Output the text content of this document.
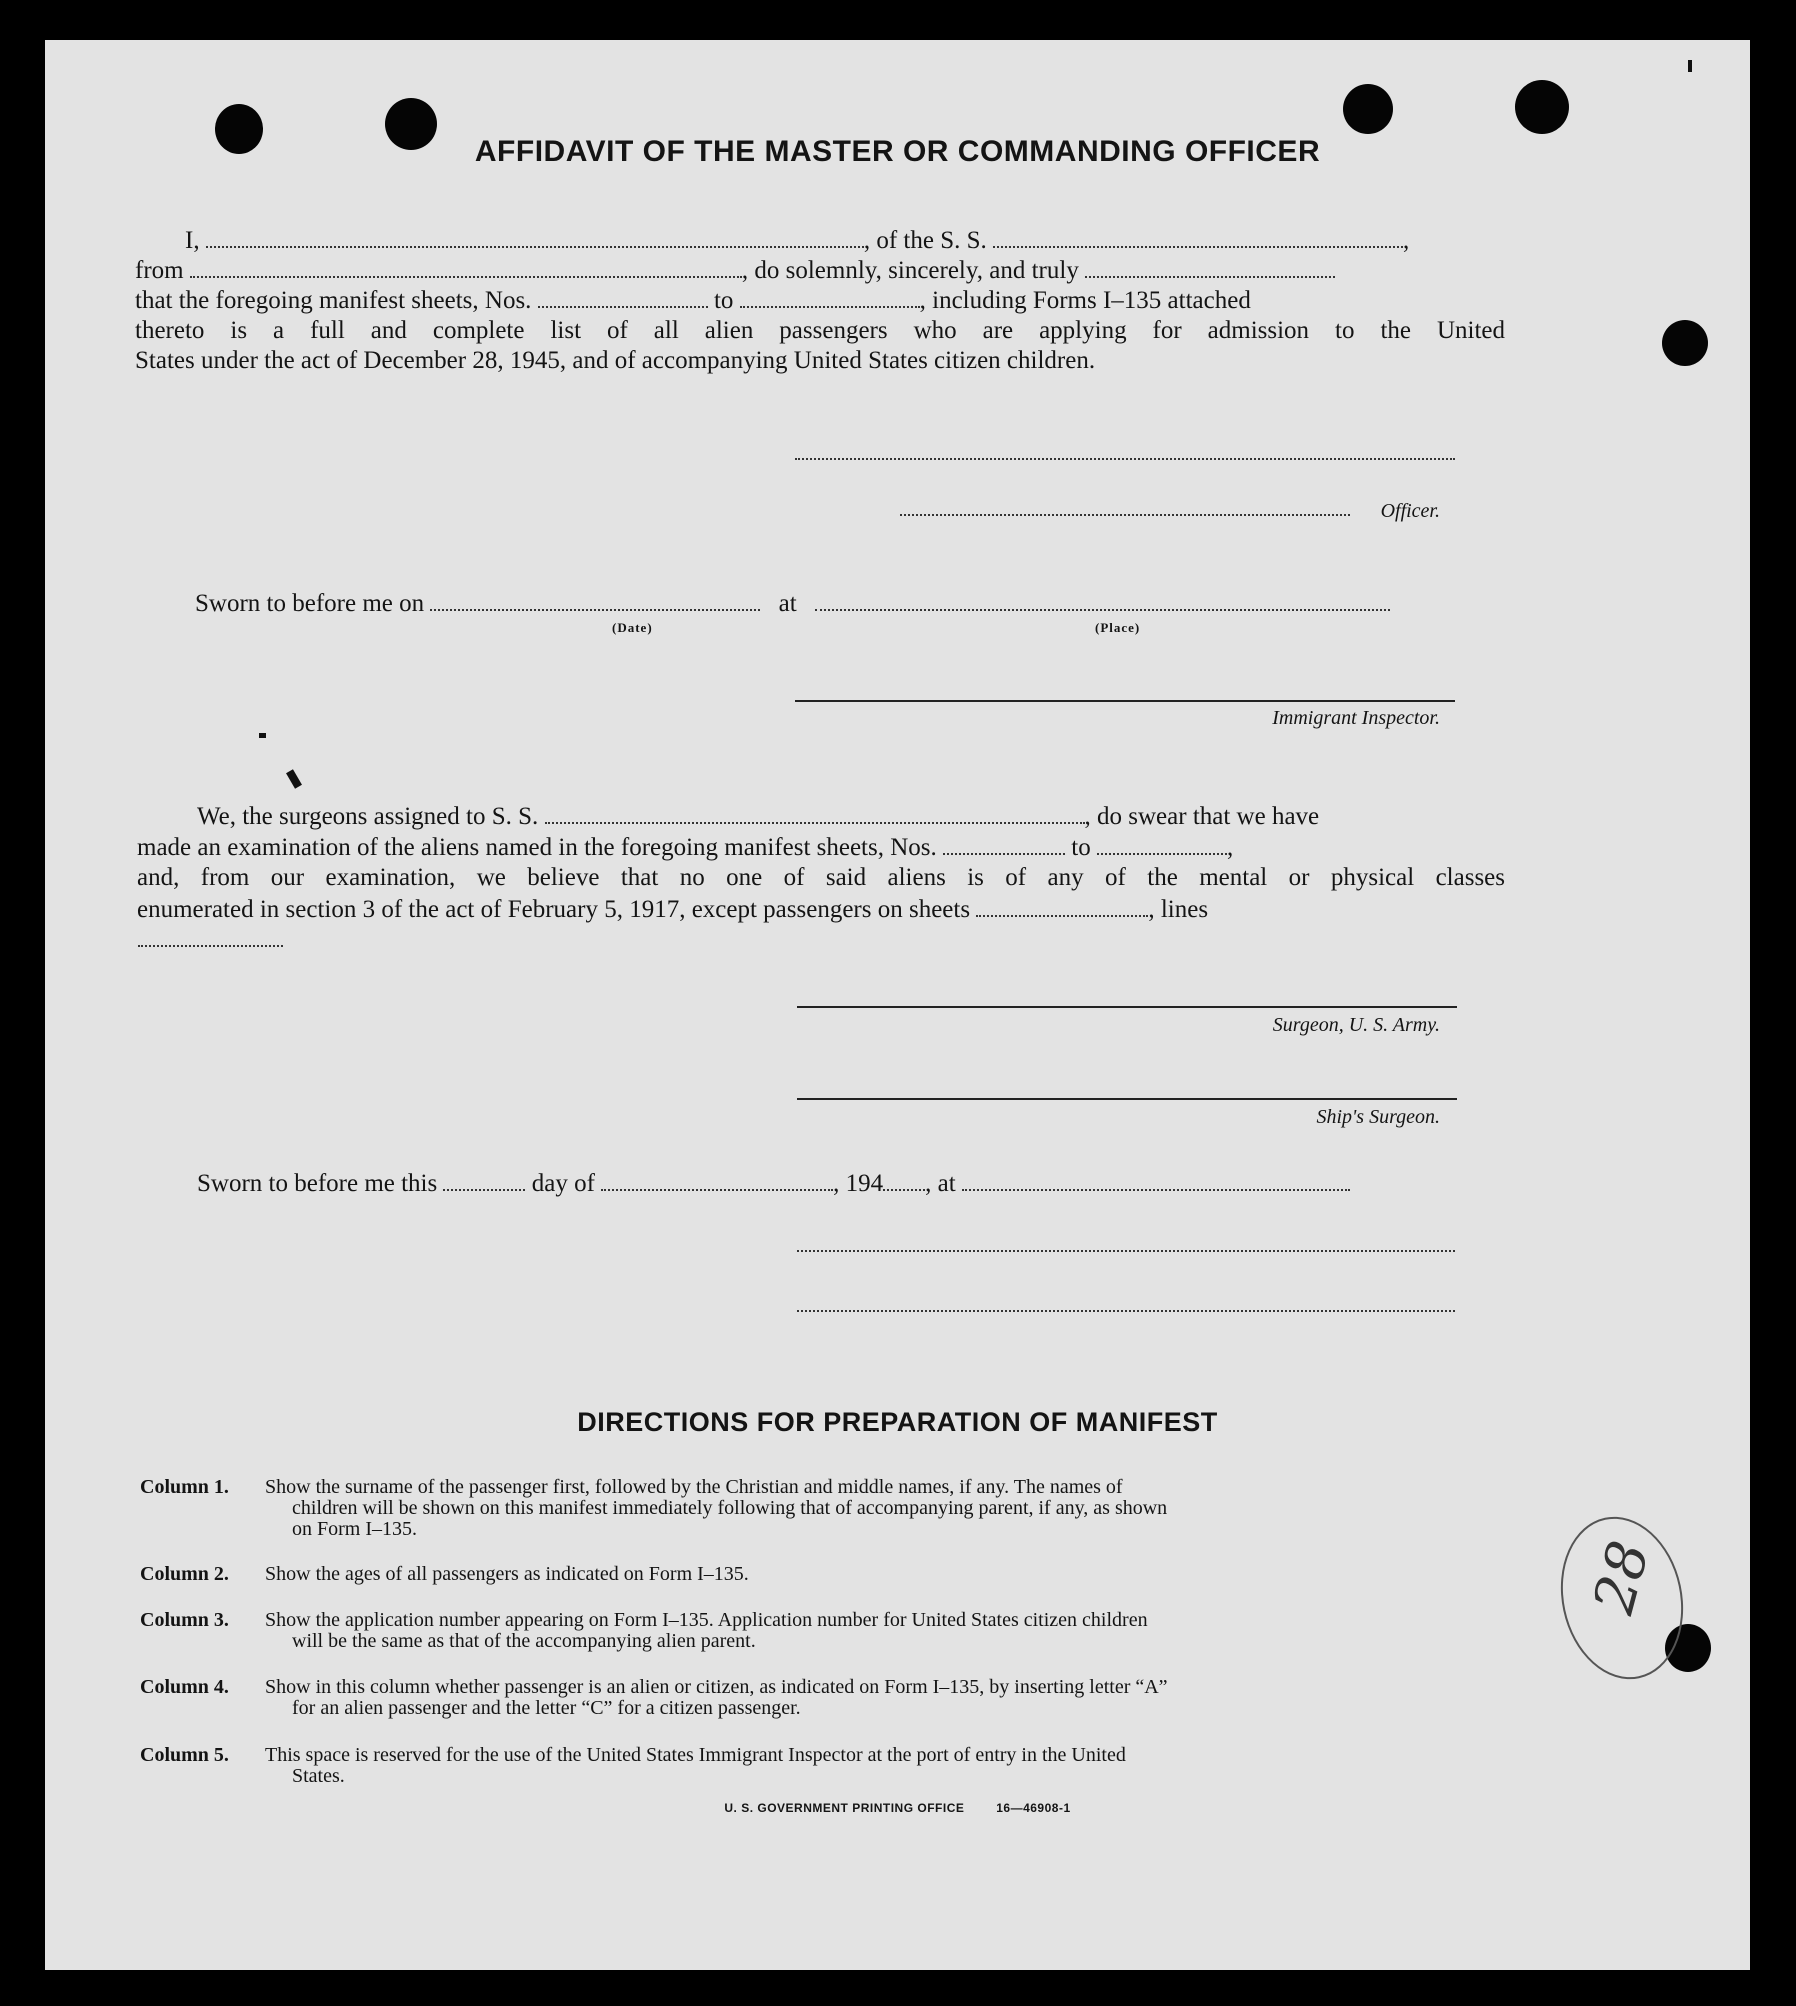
AFFIDAVIT OF THE MASTER OR COMMANDING OFFICER
I,	, of the S. S.	,
from	, do solemnly, sincerely, and truly
that the foregoing manifest sheets, Nos.	to	, including Forms I–135 attached
thereto is a full and complete list of all alien passengers who are applying for admission to the United
States under the act of December 28, 1945, and of accompanying United States citizen children.
Officer.
Sworn to before me on	at
(Date)	(Place)
Immigrant Inspector.
We, the surgeons assigned to S. S.	, do swear that we have
made an examination of the aliens named in the foregoing manifest sheets, Nos.	to	,
and, from our examination, we believe that no one of said aliens is of any of the mental or physical classes
enumerated in section 3 of the act of February 5, 1917, except passengers on sheets	, lines
Surgeon, U. S. Army.
Ship's Surgeon.
Sworn to before me this	day of	, 194 , at
DIRECTIONS FOR PREPARATION OF MANIFEST
Column 1.	Show the surname of the passenger first, followed by the Christian and middle names, if any. The names of
children will be shown on this manifest immediately following that of accompanying parent, if any, as shown
on Form I–135.
Column 2.	Show the ages of all passengers as indicated on Form I–135.
Column 3.	Show the application number appearing on Form I–135. Application number for United States citizen children
will be the same as that of the accompanying alien parent.
Column 4.	Show in this column whether passenger is an alien or citizen, as indicated on Form I–135, by inserting letter “A”
for an alien passenger and the letter “C” for a citizen passenger.
Column 5.	This space is reserved for the use of the United States Immigrant Inspector at the port of entry in the United
States.
U. S. GOVERNMENT PRINTING OFFICE	16—46908-1
28
